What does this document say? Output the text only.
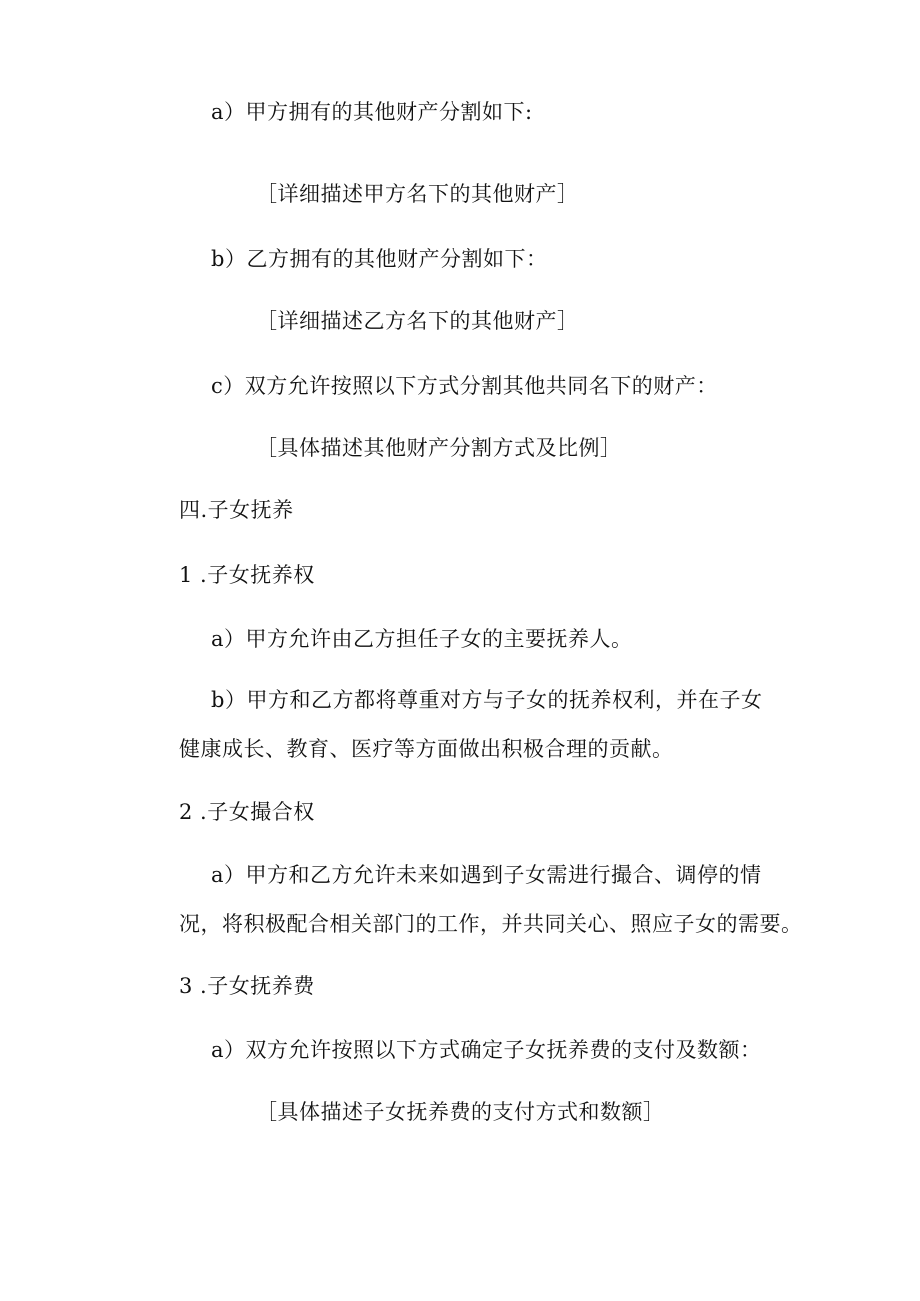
a）甲方拥有的其他财产分割如下:
［详细描述甲方名下的其他财产］
b）乙方拥有的其他财产分割如下：
［详细描述乙方名下的其他财产］
c）双方允许按照以下方式分割其他共同名下的财产：
［具体描述其他财产分割方式及比例］
四.子女抚养
1 .子女抚养权
a）甲方允许由乙方担任子女的主要抚养人。
b）甲方和乙方都将尊重对方与子女的抚养权利，并在子女
健康成长、教育、医疗等方面做出积极合理的贡献。
2 .子女撮合权
a）甲方和乙方允许未来如遇到子女需进行撮合、调停的情
况，将积极配合相关部门的工作，并共同关心、照应子女的需要。
3 .子女抚养费
a）双方允许按照以下方式确定子女抚养费的支付及数额：
［具体描述子女抚养费的支付方式和数额］
